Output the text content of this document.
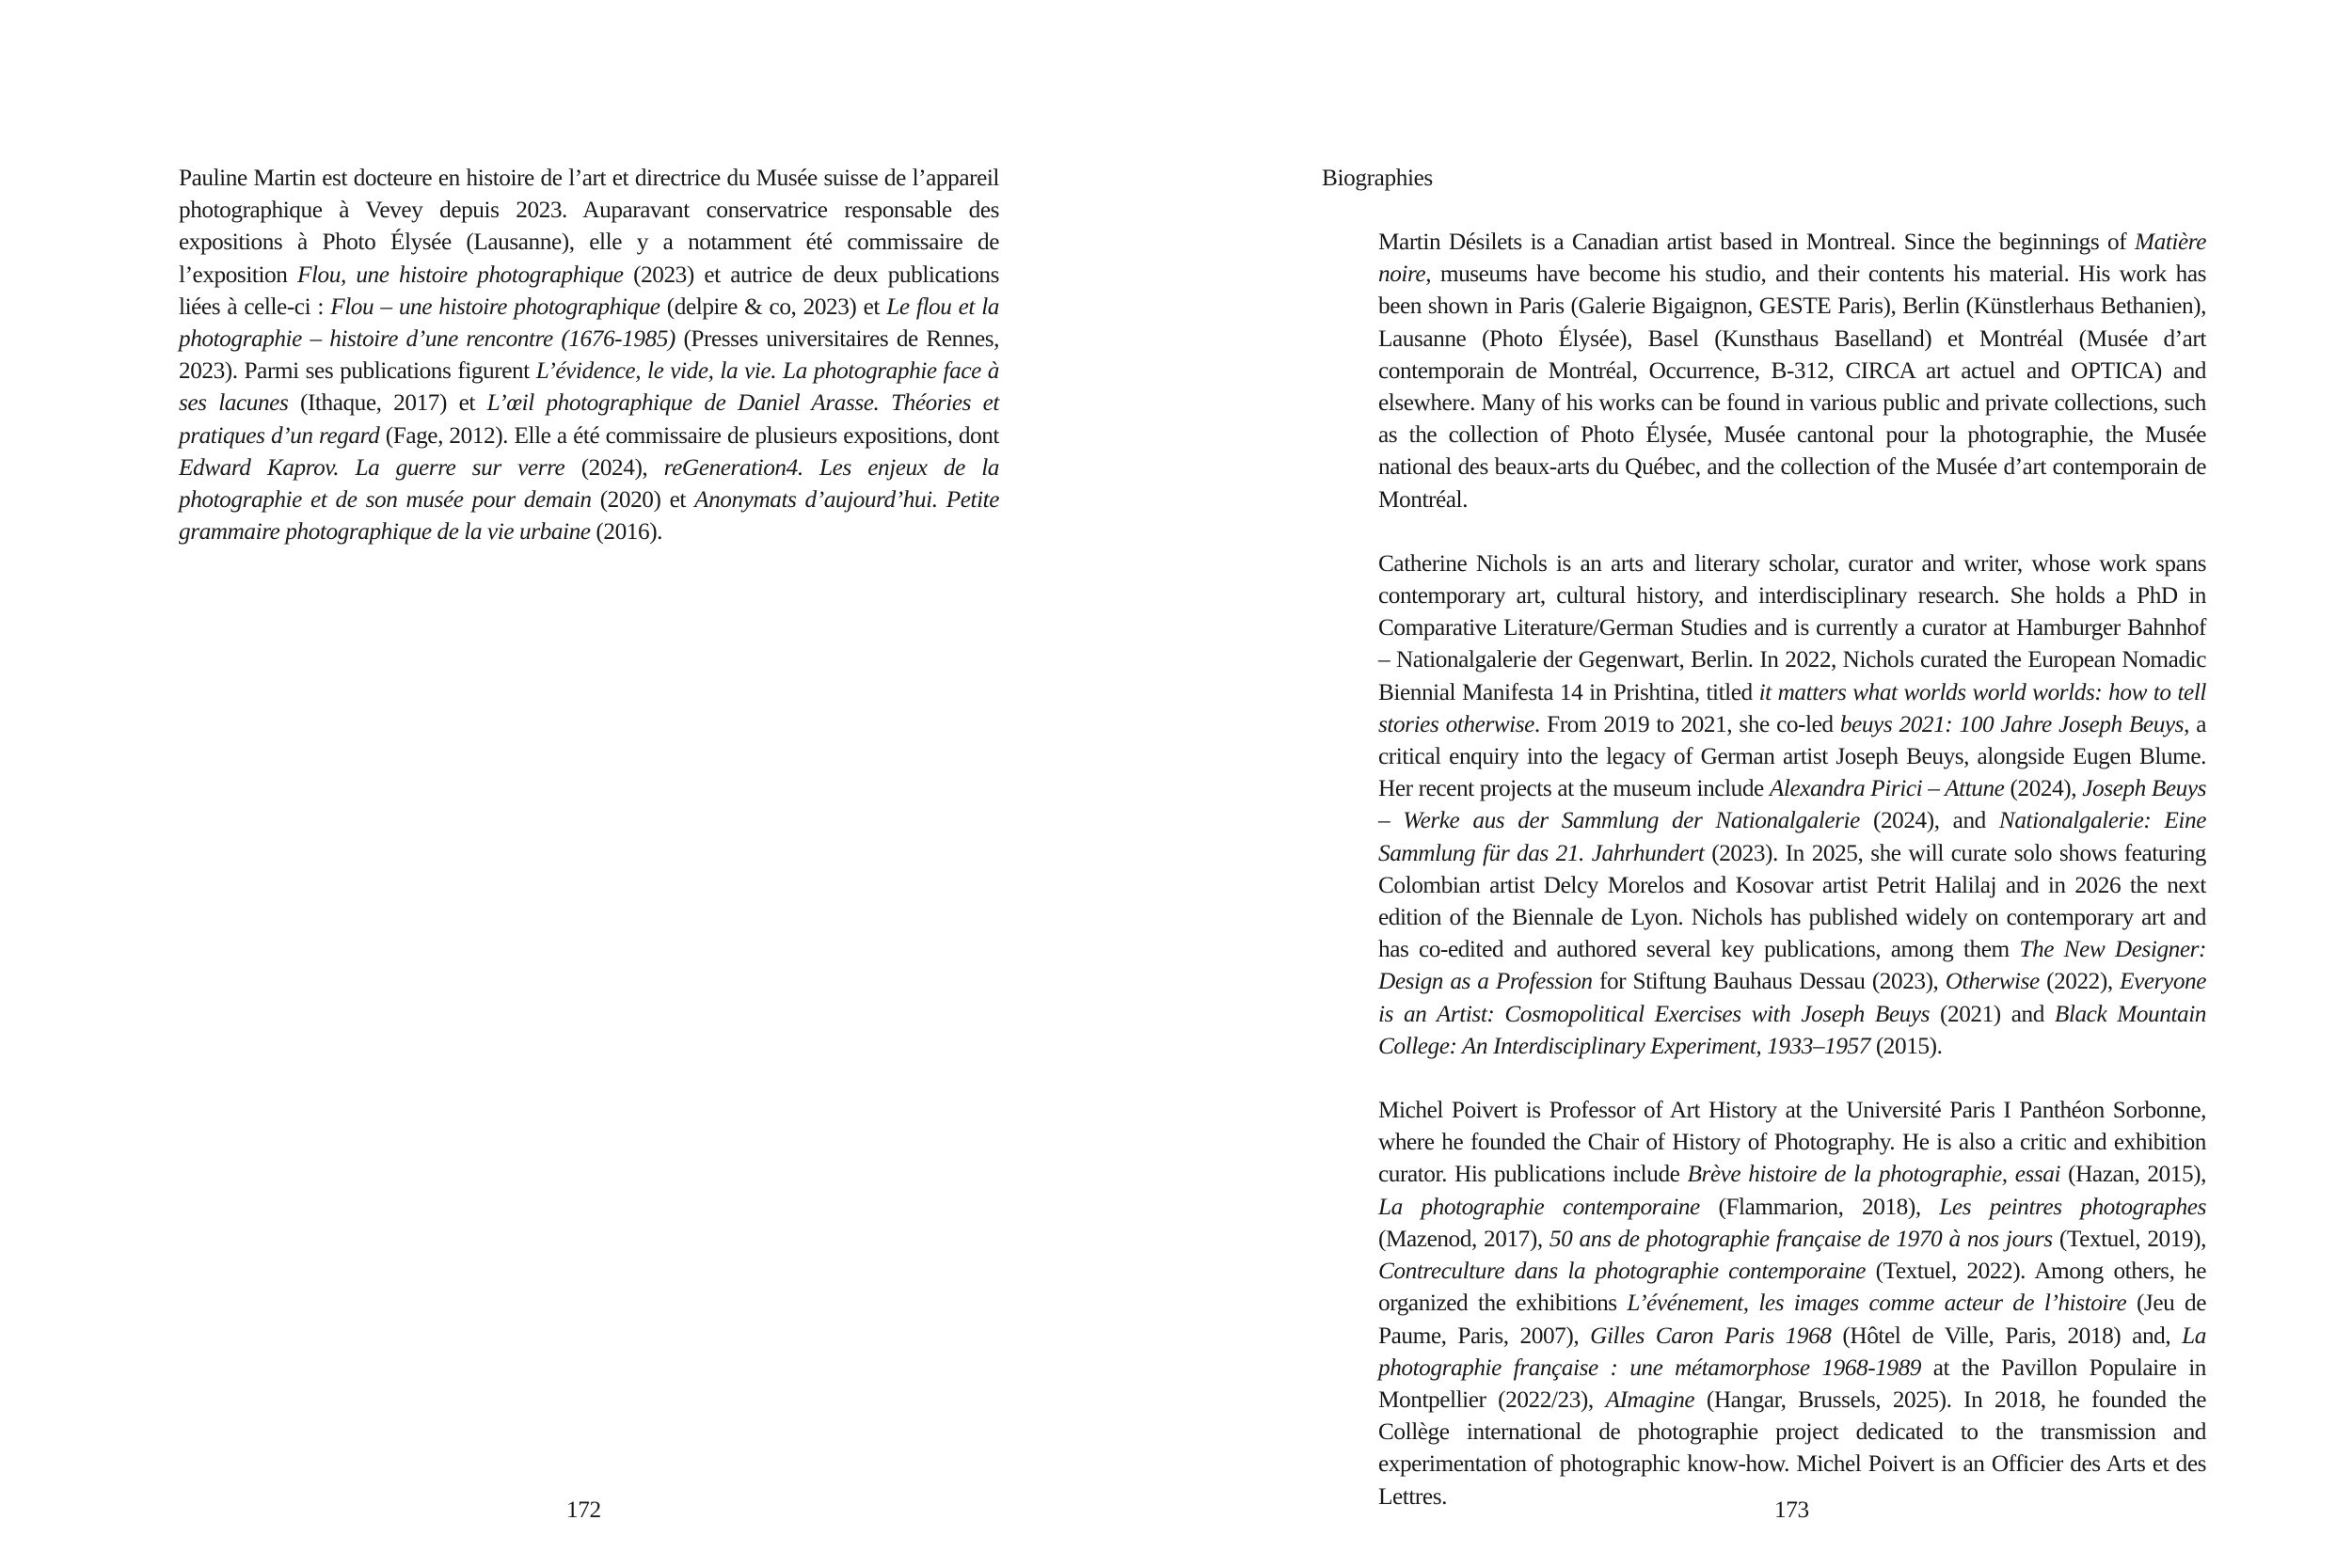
Pauline Martin est docteure en histoire de l’art et directrice du Musée suisse de l’appareil photographique à Vevey depuis 2023. Auparavant conservatrice responsable des expositions à Photo Élysée (Lausanne), elle y a notamment été commissaire de l’exposition Flou, une histoire photographique (2023) et autrice de deux publications liées à celle-ci : Flou – une histoire photographique (delpire & co, 2023) et Le flou et la photographie – histoire d’une rencontre (1676-1985) (Presses universitaires de Rennes, 2023). Parmi ses publications figurent L’évidence, le vide, la vie. La photographie face à ses lacunes (Ithaque, 2017) et L’œil photographique de Daniel Arasse. Théories et pratiques d’un regard (Fage, 2012). Elle a été commissaire de plusieurs expositions, dont Edward Kaprov. La guerre sur verre (2024), reGeneration4. Les enjeux de la photographie et de son musée pour demain (2020) et Anonymats d’aujourd’hui. Petite grammaire photographique de la vie urbaine (2016).

172
Biographies

Martin Désilets is a Canadian artist based in Montreal. Since the beginnings of Matière noire, museums have become his studio, and their contents his material. His work has been shown in Paris (Galerie Bigaignon, GESTE Paris), Berlin (Künstlerhaus Bethanien), Lausanne (Photo Élysée), Basel (Kunsthaus Baselland) et Montréal (Musée d’art contemporain de Montréal, Occurrence, B-312, CIRCA art actuel and OPTICA) and elsewhere. Many of his works can be found in various public and private collections, such as the collection of Photo Élysée, Musée cantonal pour la photographie, the Musée national des beaux-arts du Québec, and the collection of the Musée d’art contemporain de Montréal.

Catherine Nichols is an arts and literary scholar, curator and writer, whose work spans contemporary art, cultural history, and interdisciplinary research. She holds a PhD in Comparative Literature/German Studies and is currently a curator at Hamburger Bahnhof – Nationalgalerie der Gegenwart, Berlin. In 2022, Nichols curated the European Nomadic Biennial Manifesta 14 in Prishtina, titled it matters what worlds world worlds: how to tell stories otherwise. From 2019 to 2021, she co-led beuys 2021: 100 Jahre Joseph Beuys, a critical enquiry into the legacy of German artist Joseph Beuys, alongside Eugen Blume. Her recent projects at the museum include Alexandra Pirici – Attune (2024), Joseph Beuys – Werke aus der Sammlung der Nationalgalerie (2024), and Nationalgalerie: Eine Sammlung für das 21. Jahrhundert (2023). In 2025, she will curate solo shows featuring Colombian artist Delcy Morelos and Kosovar artist Petrit Halilaj and in 2026 the next edition of the Biennale de Lyon. Nichols has published widely on contemporary art and has co-edited and authored several key publications, among them The New Designer: Design as a Profession for Stiftung Bauhaus Dessau (2023), Otherwise (2022), Everyone is an Artist: Cosmopolitical Exercises with Joseph Beuys (2021) and Black Mountain College: An Interdisciplinary Experiment, 1933–1957 (2015).

Michel Poivert is Professor of Art History at the Université Paris I Panthéon Sorbonne, where he founded the Chair of History of Photography. He is also a critic and exhibition curator. His publications include Brève histoire de la photographie, essai (Hazan, 2015), La photographie contemporaine (Flammarion, 2018), Les peintres photographes (Mazenod, 2017), 50 ans de photographie française de 1970 à nos jours (Textuel, 2019), Contreculture dans la photographie contemporaine (Textuel, 2022). Among others, he organized the exhibitions L’événement, les images comme acteur de l’histoire (Jeu de Paume, Paris, 2007), Gilles Caron Paris 1968 (Hôtel de Ville, Paris, 2018) and, La photographie française : une métamorphose 1968-1989 at the Pavillon Populaire in Montpellier (2022/23), AImagine (Hangar, Brussels, 2025). In 2018, he founded the Collège international de photographie project dedicated to the transmission and experimentation of photographic know-how. Michel Poivert is an Officier des Arts et des Lettres.

173
